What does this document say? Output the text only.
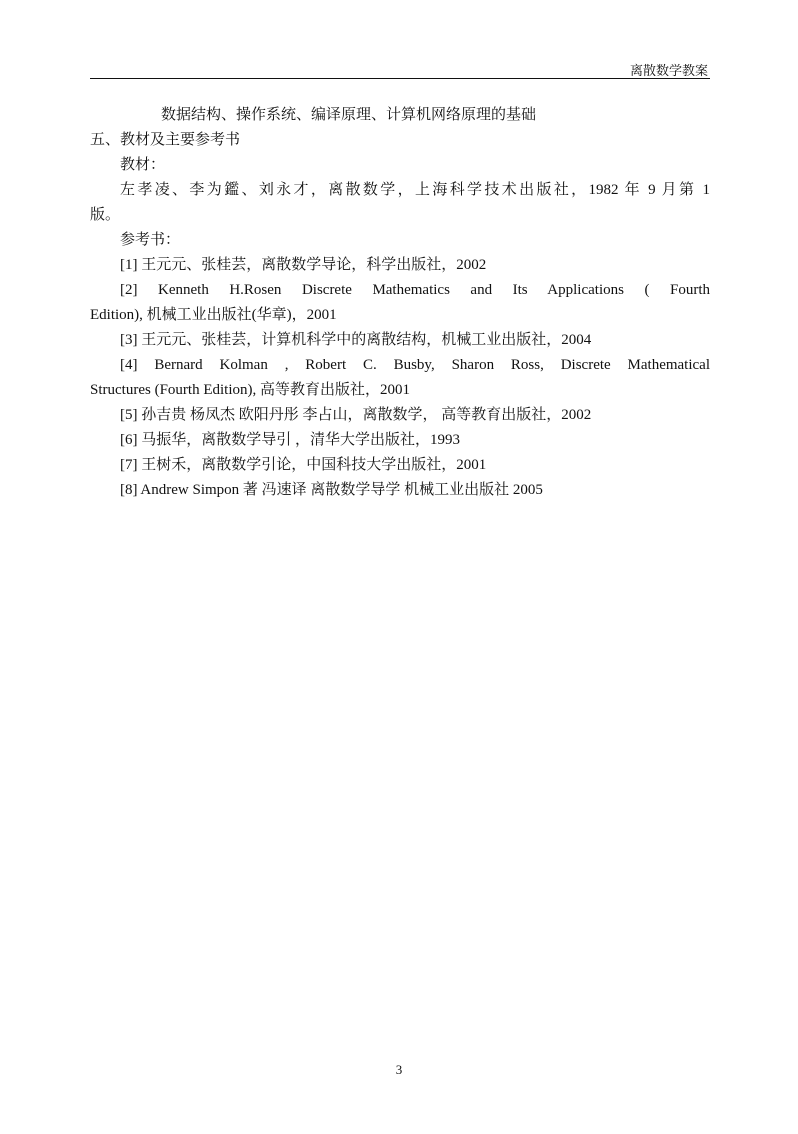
离散数学教案

数据结构、操作系统、编译原理、计算机网络原理的基础

五、教材及主要参考书

教材：

左孝凌、李为鑑、刘永才，离散数学，上海科学技术出版社，1982 年 9 月第 1

版。

参考书：

[1] 王元元、张桂芸，离散数学导论，科学出版社，2002

[2] Kenneth H.Rosen Discrete Mathematics and Its Applications ( Fourth

Edition), 机械工业出版社(华章)，2001

[3] 王元元、张桂芸，计算机科学中的离散结构，机械工业出版社，2004

[4] Bernard Kolman , Robert C. Busby, Sharon Ross, Discrete Mathematical

Structures (Fourth Edition), 高等教育出版社，2001

[5] 孙吉贵 杨凤杰 欧阳丹彤 李占山，离散数学， 高等教育出版社，2002

[6] 马振华，离散数学导引 ，清华大学出版社，1993

[7] 王树禾，离散数学引论，中国科技大学出版社，2001

[8] Andrew Simpon 著 冯速译 离散数学导学 机械工业出版社 2005

3
